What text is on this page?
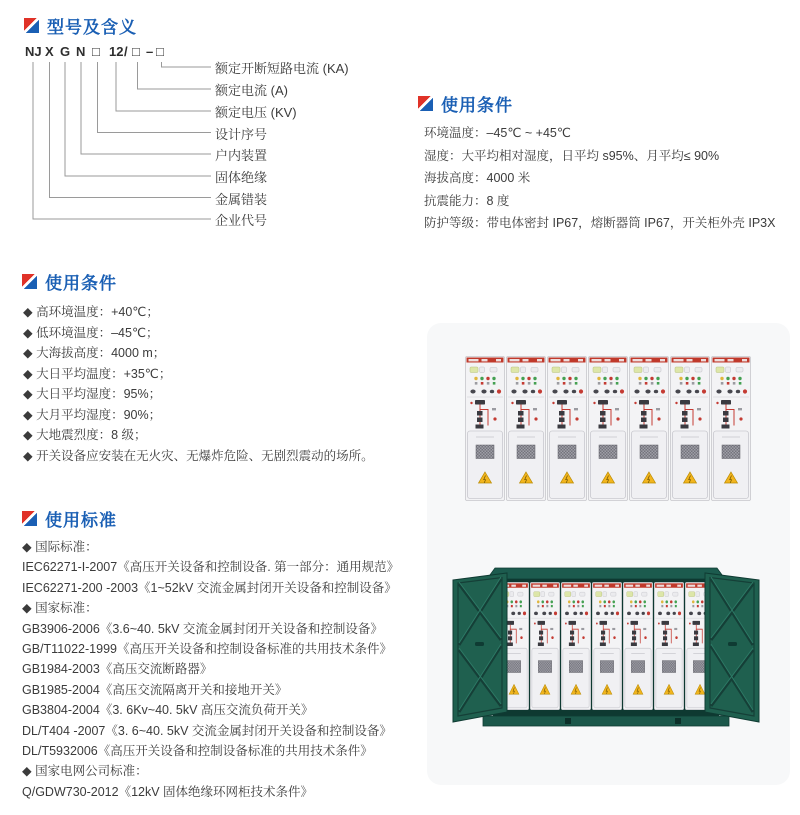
型号及含义
NJ X G N □ 12 / □ – □
额定开断短路电流 (KA)
额定电流 (A)
额定电压 (KV)
设计序号
户内装置
固体绝缘
金属错装
企业代号
使用条件
环境温度：–45℃ ~ +45℃
湿度：大平均相对湿度，日平均 s95%、月平均≤ 90%
海拔高度：4000 米
抗震能力：8 度
防护等级：带电体密封 IP67，熔断器筒 IP67，开关柜外壳 IP3X
使用条件
◆ 高环境温度：+40℃；
◆ 低环境温度：–45℃；
◆ 大海拔高度：4000 m；
◆ 大日平均温度：+35℃；
◆ 大日平均湿度：95%；
◆ 大月平均湿度：90%；
◆ 大地震烈度：8 级；
◆ 开关设备应安装在无火灾、无爆炸危险、无剧烈震动的场所。
使用标准
◆ 国际标准：
IEC62271-I-2007《高压开关设备和控制设备. 第一部分：通用规范》
IEC62271-200 -2003《1~52kV 交流金属封闭开关设备和控制设备》
◆ 国家标准：
GB3906-2006《3.6~40. 5kV 交流金属封闭开关设备和控制设备》
GB/T11022-1999《高压开关设备和控制设备标准的共用技术条件》
GB1984-2003《高压交流断路器》
GB1985-2004《高压交流隔离开关和接地开关》
GB3804-2004《3. 6Kv~40. 5kV 高压交流负荷开关》
DL/T404 -2007《3. 6~40. 5kV 交流金属封闭开关设备和控制设备》
DL/T5932006《高压开关设备和控制设备标准的共用技术条件》
◆ 国家电网公司标准：
Q/GDW730-2012《12kV 固体绝缘环网柜技术条件》
